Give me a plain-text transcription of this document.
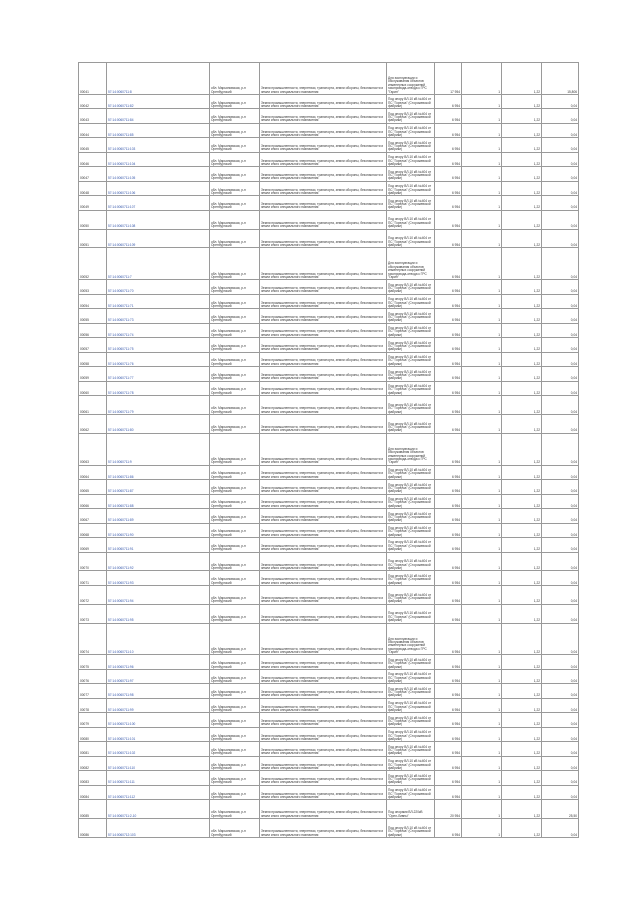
00041	57:14:0060711:8	обл. Марьяновская, р-н Оренбургский	Земли промышленности, энергетики, транспорта, земли обороны, безопасности и земли иного специального назначения	Для эксплуатации и обслуживания объектов инженерных сооружений газопровода-отвода к ГРС "Гарин"	17 954	1	1,22	15,806
00042	57:14:0060711:82	обл. Марьяновская, р-н Оренбургский	Земли промышленности, энергетики, транспорта, земли обороны, безопасности и земли иного специального назначения	Под опору ВЛ-10 кВ №404 от ПС "Горелка" (Сторожевской фабрики)	6 954	1	1,22	0,04
00043	57:14:0060711:84	обл. Марьяновская, р-н Оренбургский	Земли промышленности, энергетики, транспорта, земли обороны, безопасности и земли иного специального назначения	Под опору ВЛ-10 кВ №404 от ПС "Горелка" (Сторожевской фабрики)	6 954	1	1,22	0,04
00044	57:14:0060711:85	обл. Марьяновская, р-н Оренбургский	Земли промышленности, энергетики, транспорта, земли обороны, безопасности и земли иного специального назначения	Под опору ВЛ-10 кВ №404 от ПС "Горелка" (Сторожевской фабрики)	6 954	1	1,22	0,04
00045	57:14:0060711:103	обл. Марьяновская, р-н Оренбургский	Земли промышленности, энергетики, транспорта, земли обороны, безопасности и земли иного специального назначения	Под опору ВЛ-10 кВ №404 от ПС "Горелка" (Сторожевской фабрики)	6 954	1	1,22	0,04
00046	57:14:0060711:104	обл. Марьяновская, р-н Оренбургский	Земли промышленности, энергетики, транспорта, земли обороны, безопасности и земли иного специального назначения	Под опору ВЛ-10 кВ №404 от ПС "Горелка" (Сторожевской фабрики)	6 954	1	1,22	0,04
00047	57:14:0060711:105	обл. Марьяновская, р-н Оренбургский	Земли промышленности, энергетики, транспорта, земли обороны, безопасности и земли иного специального назначения	Под опору ВЛ-10 кВ №404 от ПС "Горелка" (Сторожевской фабрики)	6 954	1	1,22	0,04
00048	57:14:0060711:106	обл. Марьяновская, р-н Оренбургский	Земли промышленности, энергетики, транспорта, земли обороны, безопасности и земли иного специального назначения	Под опору ВЛ-10 кВ №404 от ПС "Горелка" (Сторожевской фабрики)	6 954	1	1,22	0,04
00049	57:14:0060711:107	обл. Марьяновская, р-н Оренбургский	Земли промышленности, энергетики, транспорта, земли обороны, безопасности и земли иного специального назначения	Под опору ВЛ-10 кВ №404 от ПС "Горелка" (Сторожевской фабрики)	6 954	1	1,22	0,04
00050	57:14:0060711:108	обл. Марьяновская, р-н Оренбургский	Земли промышленности, энергетики, транспорта, земли обороны, безопасности и земли иного специального назначения	Под опору ВЛ-10 кВ №404 от ПС "Горелка" (Сторожевской фабрики)	6 954	1	1,22	0,04
00051	57:14:0060711:109	обл. Марьяновская, р-н Оренбургский	Земли промышленности, энергетики, транспорта, земли обороны, безопасности и земли иного специального назначения	Под опору ВЛ-10 кВ №404 от ПС "Горелка" (Сторожевской фабрики)	6 954	1	1,22	0,04
00052	57:14:0060711:7	обл. Марьяновская, р-н Оренбургский	Земли промышленности, энергетики, транспорта, земли обороны, безопасности и земли иного специального назначения	Для эксплуатации и обслуживания объектов инженерных сооружений газопровода-отвода к ГРС "Гарин"	6 954	1	1,22	0,04
00053	57:14:0060711:70	обл. Марьяновская, р-н Оренбургский	Земли промышленности, энергетики, транспорта, земли обороны, безопасности и земли иного специального назначения	Под опору ВЛ-10 кВ №404 от ПС "Горелка" (Сторожевской фабрики)	6 954	1	1,22	0,04
00054	57:14:0060711:71	обл. Марьяновская, р-н Оренбургский	Земли промышленности, энергетики, транспорта, земли обороны, безопасности и земли иного специального назначения	Под опору ВЛ-10 кВ №404 от ПС "Горелка" (Сторожевской фабрики)	6 954	1	1,22	0,04
00055	57:14:0060711:73	обл. Марьяновская, р-н Оренбургский	Земли промышленности, энергетики, транспорта, земли обороны, безопасности и земли иного специального назначения	Под опору ВЛ-10 кВ №404 от ПС "Горелка" (Сторожевской фабрики)	6 954	1	1,22	0,04
00056	57:14:0060711:74	обл. Марьяновская, р-н Оренбургский	Земли промышленности, энергетики, транспорта, земли обороны, безопасности и земли иного специального назначения	Под опору ВЛ-10 кВ №404 от ПС "Горелка" (Сторожевской фабрики)	6 954	1	1,22	0,04
00057	57:14:0060711:75	обл. Марьяновская, р-н Оренбургский	Земли промышленности, энергетики, транспорта, земли обороны, безопасности и земли иного специального назначения	Под опору ВЛ-10 кВ №404 от ПС "Горелка" (Сторожевской фабрики)	6 954	1	1,22	0,04
00058	57:14:0060711:76	обл. Марьяновская, р-н Оренбургский	Земли промышленности, энергетики, транспорта, земли обороны, безопасности и земли иного специального назначения	Под опору ВЛ-10 кВ №404 от ПС "Горелка" (Сторожевской фабрики)	6 954	1	1,22	0,04
00059	57:14:0060711:77	обл. Марьяновская, р-н Оренбургский	Земли промышленности, энергетики, транспорта, земли обороны, безопасности и земли иного специального назначения	Под опору ВЛ-10 кВ №404 от ПС "Горелка" (Сторожевской фабрики)	6 954	1	1,22	0,04
00060	57:14:0060711:78	обл. Марьяновская, р-н Оренбургский	Земли промышленности, энергетики, транспорта, земли обороны, безопасности и земли иного специального назначения	Под опору ВЛ-10 кВ №404 от ПС "Горелка" (Сторожевской фабрики)	6 954	1	1,22	0,04
00061	57:14:0060711:79	обл. Марьяновская, р-н Оренбургский	Земли промышленности, энергетики, транспорта, земли обороны, безопасности и земли иного специального назначения	Под опору ВЛ-10 кВ №404 от ПС "Горелка" (Сторожевской фабрики)	6 954	1	1,22	0,04
00062	57:14:0060711:80	обл. Марьяновская, р-н Оренбургский	Земли промышленности, энергетики, транспорта, земли обороны, безопасности и земли иного специального назначения	Под опору ВЛ-10 кВ №404 от ПС "Горелка" (Сторожевской фабрики)	6 954	1	1,22	0,04
00063	57:14:0060711:9	обл. Марьяновская, р-н Оренбургский	Земли промышленности, энергетики, транспорта, земли обороны, безопасности и земли иного специального назначения	Для эксплуатации и обслуживания объектов инженерных сооружений газопровода-отвода к ГРС "Гарин"	6 954	1	1,22	0,04
00064	57:14:0060711:86	обл. Марьяновская, р-н Оренбургский	Земли промышленности, энергетики, транспорта, земли обороны, безопасности и земли иного специального назначения	Под опору ВЛ-10 кВ №404 от ПС "Горелка" (Сторожевской фабрики)	6 954	1	1,22	0,04
00065	57:14:0060711:87	обл. Марьяновская, р-н Оренбургский	Земли промышленности, энергетики, транспорта, земли обороны, безопасности и земли иного специального назначения	Под опору ВЛ-10 кВ №404 от ПС "Горелка" (Сторожевской фабрики)	6 954	1	1,22	0,04
00066	57:14:0060711:88	обл. Марьяновская, р-н Оренбургский	Земли промышленности, энергетики, транспорта, земли обороны, безопасности и земли иного специального назначения	Под опору ВЛ-10 кВ №404 от ПС "Горелка" (Сторожевской фабрики)	6 954	1	1,22	0,04
00067	57:14:0060711:89	обл. Марьяновская, р-н Оренбургский	Земли промышленности, энергетики, транспорта, земли обороны, безопасности и земли иного специального назначения	Под опору ВЛ-10 кВ №404 от ПС "Горелка" (Сторожевской фабрики)	6 954	1	1,22	0,04
00068	57:14:0060711:90	обл. Марьяновская, р-н Оренбургский	Земли промышленности, энергетики, транспорта, земли обороны, безопасности и земли иного специального назначения	Под опору ВЛ-10 кВ №404 от ПС "Горелка" (Сторожевской фабрики)	6 954	1	1,22	0,04
00069	57:14:0060711:91	обл. Марьяновская, р-н Оренбургский	Земли промышленности, энергетики, транспорта, земли обороны, безопасности и земли иного специального назначения	Под опору ВЛ-10 кВ №404 от ПС "Горелка" (Сторожевской фабрики)	6 954	1	1,22	0,04
00070	57:14:0060711:92	обл. Марьяновская, р-н Оренбургский	Земли промышленности, энергетики, транспорта, земли обороны, безопасности и земли иного специального назначения	Под опору ВЛ-10 кВ №404 от ПС "Горелка" (Сторожевской фабрики)	6 954	1	1,22	0,04
00071	57:14:0060711:93	обл. Марьяновская, р-н Оренбургский	Земли промышленности, энергетики, транспорта, земли обороны, безопасности и земли иного специального назначения	Под опору ВЛ-10 кВ №404 от ПС "Горелка" (Сторожевской фабрики)	6 954	1	1,22	0,04
00072	57:14:0060711:94	обл. Марьяновская, р-н Оренбургский	Земли промышленности, энергетики, транспорта, земли обороны, безопасности и земли иного специального назначения	Под опору ВЛ-10 кВ №404 от ПС "Горелка" (Сторожевской фабрики)	6 954	1	1,22	0,04
00073	57:14:0060711:95	обл. Марьяновская, р-н Оренбургский	Земли промышленности, энергетики, транспорта, земли обороны, безопасности и земли иного специального назначения	Под опору ВЛ-10 кВ №404 от ПС "Горелка" (Сторожевской фабрики)	6 954	1	1,22	0,04
00074	57:14:0060711:10	обл. Марьяновская, р-н Оренбургский	Земли промышленности, энергетики, транспорта, земли обороны, безопасности и земли иного специального назначения	Для эксплуатации и обслуживания объектов инженерных сооружений газопровода-отвода к ГРС "Гарин"	6 954	1	1,22	0,04
00075	57:14:0060711:96	обл. Марьяновская, р-н Оренбургский	Земли промышленности, энергетики, транспорта, земли обороны, безопасности и земли иного специального назначения	Под опору ВЛ-10 кВ №404 от ПС "Горелка" (Сторожевской фабрики)	6 954	1	1,22	0,04
00076	57:14:0060711:97	обл. Марьяновская, р-н Оренбургский	Земли промышленности, энергетики, транспорта, земли обороны, безопасности и земли иного специального назначения	Под опору ВЛ-10 кВ №404 от ПС "Горелка" (Сторожевской фабрики)	6 954	1	1,22	0,04
00077	57:14:0060711:98	обл. Марьяновская, р-н Оренбургский	Земли промышленности, энергетики, транспорта, земли обороны, безопасности и земли иного специального назначения	Под опору ВЛ-10 кВ №404 от ПС "Горелка" (Сторожевской фабрики)	6 954	1	1,22	0,04
00078	57:14:0060711:99	обл. Марьяновская, р-н Оренбургский	Земли промышленности, энергетики, транспорта, земли обороны, безопасности и земли иного специального назначения	Под опору ВЛ-10 кВ №404 от ПС "Горелка" (Сторожевской фабрики)	6 954	1	1,22	0,04
00079	57:14:0060711:100	обл. Марьяновская, р-н Оренбургский	Земли промышленности, энергетики, транспорта, земли обороны, безопасности и земли иного специального назначения	Под опору ВЛ-10 кВ №404 от ПС "Горелка" (Сторожевской фабрики)	6 954	1	1,22	0,04
00080	57:14:0060711:101	обл. Марьяновская, р-н Оренбургский	Земли промышленности, энергетики, транспорта, земли обороны, безопасности и земли иного специального назначения	Под опору ВЛ-10 кВ №404 от ПС "Горелка" (Сторожевской фабрики)	6 954	1	1,22	0,04
00081	57:14:0060711:102	обл. Марьяновская, р-н Оренбургский	Земли промышленности, энергетики, транспорта, земли обороны, безопасности и земли иного специального назначения	Под опору ВЛ-10 кВ №404 от ПС "Горелка" (Сторожевской фабрики)	6 954	1	1,22	0,04
00082	57:14:0060711:110	обл. Марьяновская, р-н Оренбургский	Земли промышленности, энергетики, транспорта, земли обороны, безопасности и земли иного специального назначения	Под опору ВЛ-10 кВ №404 от ПС "Горелка" (Сторожевской фабрики)	6 954	1	1,22	0,04
00083	57:14:0060711:111	обл. Марьяновская, р-н Оренбургский	Земли промышленности, энергетики, транспорта, земли обороны, безопасности и земли иного специального назначения	Под опору ВЛ-10 кВ №404 от ПС "Горелка" (Сторожевской фабрики)	6 954	1	1,22	0,04
00084	57:14:0060711:112	обл. Марьяновская, р-н Оренбургский	Земли промышленности, энергетики, транспорта, земли обороны, безопасности и земли иного специального назначения	Под опору ВЛ-10 кВ №404 от ПС "Горелка" (Сторожевской фабрики)	6 954	1	1,22	0,04
00085	57:14:0060711:2-10	обл. Марьяновская, р-н Оренбургский	Земли промышленности, энергетики, транспорта, земли обороны, безопасности и земли иного специального назначения	Под опорами ВЛ-220кВ "Орел-Ливны"	20 954	1	1,22	25,50
00086	57:14:0060712:103	обл. Марьяновская, р-н Оренбургский	Земли промышленности, энергетики, транспорта, земли обороны, безопасности и земли иного специального назначения	Под опору ВЛ-10 кВ №404 от ПС "Горелка" (Сторожевской фабрики)	6 954	1	1,22	0,04
